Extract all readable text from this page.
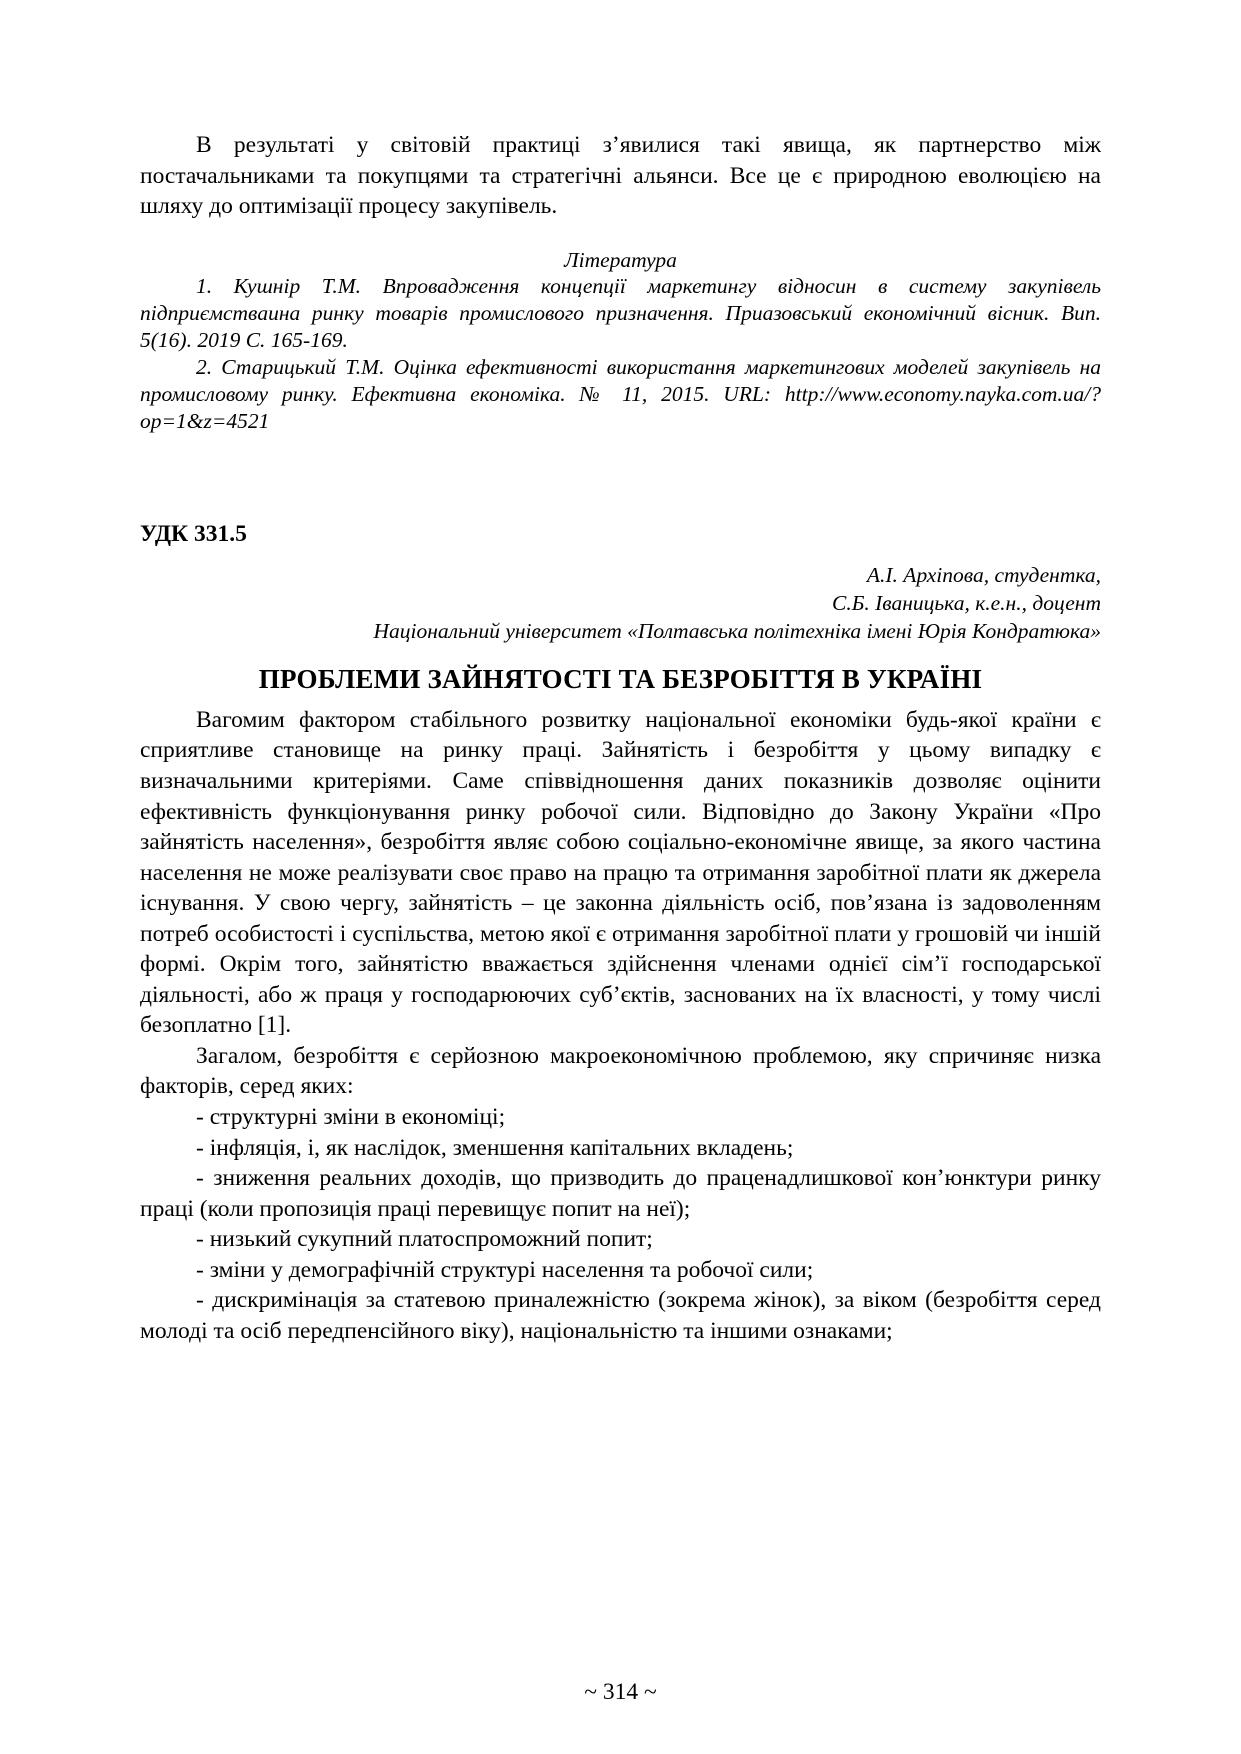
В результаті у світовій практиці з’явилися такі явища, як партнерство між постачальниками та покупцями та стратегічні альянси. Все це є природною еволюцією на шляху до оптимізації процесу закупівель.

Література

1. Кушнір Т.М. Впровадження концепції маркетингу відносин в систему закупівель підприємствaина ринку товарів промислового призначення. Приазовський економічний вісник. Вип. 5(16). 2019 С. 165-169.

2. Старицький Т.М. Оцінка ефективності використання маркетингових моделей закупівель на промисловому ринку. Ефективна економіка. № 11, 2015. URL: http://www.economy.nayka.com.ua/?op=1&z=4521

УДК 331.5

А.І. Архіпова, студентка,

С.Б. Іваницька, к.е.н., доцент

Національний університет «Полтавська політехніка імені Юрія Кондратюка»

ПРОБЛЕМИ ЗАЙНЯТОСТІ ТА БЕЗРОБІТТЯ В УКРАЇНІ

Вагомим фактором стабільного розвитку національної економіки будь-якої країни є сприятливе становище на ринку праці. Зайнятість і безробіття у цьому випадку є визначальними критеріями. Саме співвідношення даних показників дозволяє оцінити ефективність функціонування ринку робочої сили. Відповідно до Закону України «Про зайнятість населення», безробіття являє собою соціально-економічне явище, за якого частина населення не може реалізувати своє право на працю та отримання заробітної плати як джерела існування. У свою чергу, зайнятість – це законна діяльність осіб, пов’язана із задоволенням потреб особистості і суспільства, метою якої є отримання заробітної плати у грошовій чи іншій формі. Окрім того, зайнятістю вважається здійснення членами однієї сім’ї господарської діяльності, або ж праця у господарюючих суб’єктів, заснованих на їх власності, у тому числі безоплатно [1].

Загалом, безробіття є серйозною макроекономічною проблемою, яку спричиняє низка факторів, серед яких:

- структурні зміни в економіці;

- інфляція, і, як наслідок, зменшення капітальних вкладень;

- зниження реальних доходів, що призводить до праценадлишкової кон’юнктури ринку праці (коли пропозиція праці перевищує попит на неї);

- низький сукупний платоспроможний попит;

- зміни у демографічній структурі населення та робочої сили;

- дискримінація за статевою приналежністю (зокрема жінок), за віком (безробіття серед молоді та осіб передпенсійного віку), національністю та іншими ознаками;

~ 314 ~
